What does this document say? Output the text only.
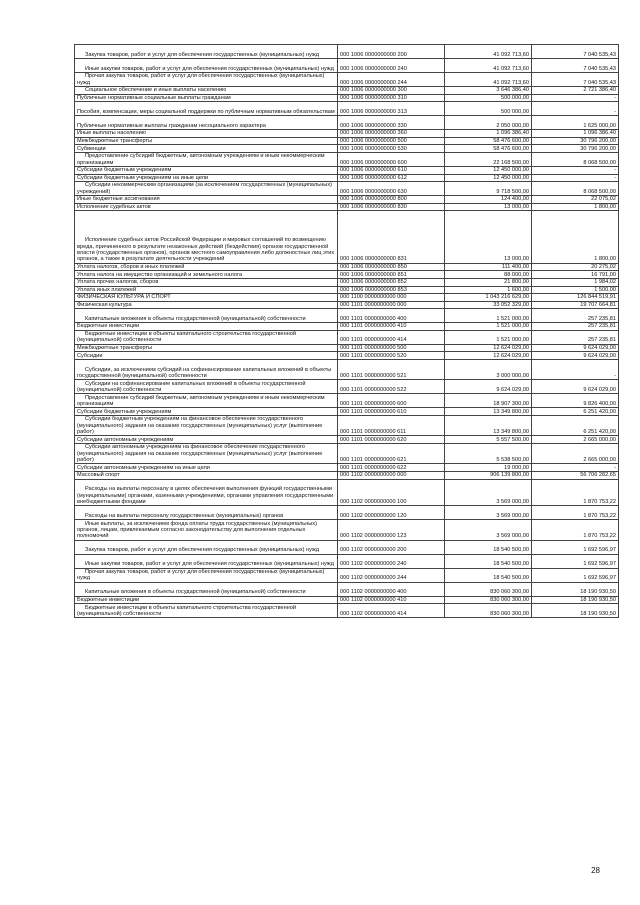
Закупка товаров, работ и услуг для обеспечения государственных (муниципальных) нужд	000 1006 0000000000 200	41 092 713,60	7 040 535,43
Иные закупки товаров, работ и услуг для обеспечения государственных (муниципальных) нужд	000 1006 0000000000 240	41 092 713,60	7 040 535,43
Прочая закупка товаров, работ и услуг для обеспечения государственных (муниципальных) нужд	000 1006 0000000000 244	41 092 713,60	7 040 535,43
Социальное обеспечение и иные выплаты населению	000 1006 0000000000 300	3 646 386,40	2 721 386,40
Публичные нормативные социальные выплаты гражданам	000 1006 0000000000 310	500 000,00	-
Пособия, компенсации, меры социальной поддержки по публичным нормативным обязательствам	000 1006 0000000000 313	500 000,00	-
Публичные нормативные выплаты гражданам несоциального характера	000 1006 0000000000 330	2 050 000,00	1 625 000,00
Иные выплаты населению	000 1006 0000000000 360	1 096 386,40	1 096 386,40
Межбюджетные трансферты	000 1006 0000000000 500	58 476 600,00	30 796 200,00
Субвенции	000 1006 0000000000 530	58 476 600,00	30 796 200,00
Предоставление субсидий бюджетным, автономным учреждениям и иным некоммерческим организациям	000 1006 0000000000 600	22 168 500,00	8 068 500,00
Субсидии бюджетным учреждениям	000 1006 0000000000 610	12 450 000,00	-
Субсидии бюджетным учреждениям на иные цели	000 1006 0000000000 612	12 450 000,00	-
Субсидии некоммерческим организациям (за исключением государственных (муниципальных) учреждений)	000 1006 0000000000 630	9 718 500,00	8 068 500,00
Иные бюджетные ассигнования	000 1006 0000000000 800	124 400,00	22 075,02
Исполнение судебных актов	000 1006 0000000000 830	13 000,00	1 800,00
Исполнение судебных актов Российской Федерации и мировых соглашений по возмещению вреда, причиненного в результате незаконных действий (бездействия) органов государственной власти (государственных органов), органов местного самоуправления либо должностных лиц этих органов, а также в результате деятельности учреждений	000 1006 0000000000 831	13 000,00	1 800,00
Уплата налогов, сборов и иных платежей	000 1006 0000000000 850	111 400,00	20 275,02
Уплата налога на имущество организаций и земельного налога	000 1006 0000000000 851	88 000,00	16 791,00
Уплата прочих налогов, сборов	000 1006 0000000000 852	21 800,00	1 984,02
Уплата иных платежей	000 1006 0000000000 853	1 600,00	1 500,00
ФИЗИЧЕСКАЯ КУЛЬТУРА И СПОРТ	000 1100 0000000000 000	1 043 216 629,00	126 844 519,91
Физическая культура	000 1101 0000000000 000	33 052 329,00	19 707 664,81
Капитальные вложения в объекты государственной (муниципальной) собственности	000 1101 0000000000 400	1 521 000,00	257 235,81
Бюджетные инвестиции	000 1101 0000000000 410	1 521 000,00	257 235,81
Бюджетные инвестиции в объекты капитального строительства государственной (муниципальной) собственности	000 1101 0000000000 414	1 521 000,00	257 235,81
Межбюджетные трансферты	000 1101 0000000000 500	12 624 029,00	9 624 029,00
Субсидии	000 1101 0000000000 520	12 624 029,00	9 624 029,00
Субсидии, за исключением субсидий на софинансирование капитальных вложений в объекты государственной (муниципальной) собственности	000 1101 0000000000 521	3 000 000,00	-
Субсидии на софинансирование капитальных вложений в объекты государственной (муниципальной) собственности	000 1101 0000000000 522	9 624 029,00	9 624 029,00
Предоставление субсидий бюджетным, автономным учреждениям и иным некоммерческим организациям	000 1101 0000000000 600	18 907 300,00	9 826 400,00
Субсидии бюджетным учреждениям	000 1101 0000000000 610	13 349 800,00	6 251 420,00
Субсидии бюджетным учреждениям на финансовое обеспечение государственного (муниципального) задания на оказание государственных (муниципальных) услуг (выполнение работ)	000 1101 0000000000 611	13 349 800,00	6 251 420,00
Субсидии автономным учреждениям	000 1101 0000000000 620	5 557 500,00	2 665 000,00
Субсидии автономным учреждениям на финансовое обеспечение государственного (муниципального) задания на оказание государственных (муниципальных) услуг (выполнение работ)	000 1101 0000000000 621	5 538 500,00	2 665 000,00
Субсидии автономным учреждениям на иные цели	000 1101 0000000000 622	19 000,00	-
Массовый спорт	000 1102 0000000000 000	906 139 800,00	56 706 282,65
Расходы на выплаты персоналу в целях обеспечения выполнения функций государственными (муниципальными) органами, казенными учреждениями, органами управления государственными внебюджетными фондами	000 1102 0000000000 100	3 569 000,00	1 870 753,22
Расходы на выплаты персоналу государственных (муниципальных) органов	000 1102 0000000000 120	3 569 000,00	1 870 753,22
Иные выплаты, за исключением фонда оплаты труда государственных (муниципальных) органов, лицам, привлекаемым согласно законодательству для выполнения отдельных полномочий	000 1102 0000000000 123	3 569 000,00	1 870 753,22
Закупка товаров, работ и услуг для обеспечения государственных (муниципальных) нужд	000 1102 0000000000 200	18 540 500,00	1 692 596,97
Иные закупки товаров, работ и услуг для обеспечения государственных (муниципальных) нужд	000 1102 0000000000 240	18 540 500,00	1 692 596,97
Прочая закупка товаров, работ и услуг для обеспечения государственных (муниципальных) нужд	000 1102 0000000000 244	18 540 500,00	1 692 596,97
Капитальные вложения в объекты государственной (муниципальной) собственности	000 1102 0000000000 400	830 060 300,00	18 190 930,50
Бюджетные инвестиции	000 1102 0000000000 410	830 060 300,00	18 190 930,50
Бюджетные инвестиции в объекты капитального строительства государственной (муниципальной) собственности	000 1102 0000000000 414	830 060 300,00	18 190 930,50
28
